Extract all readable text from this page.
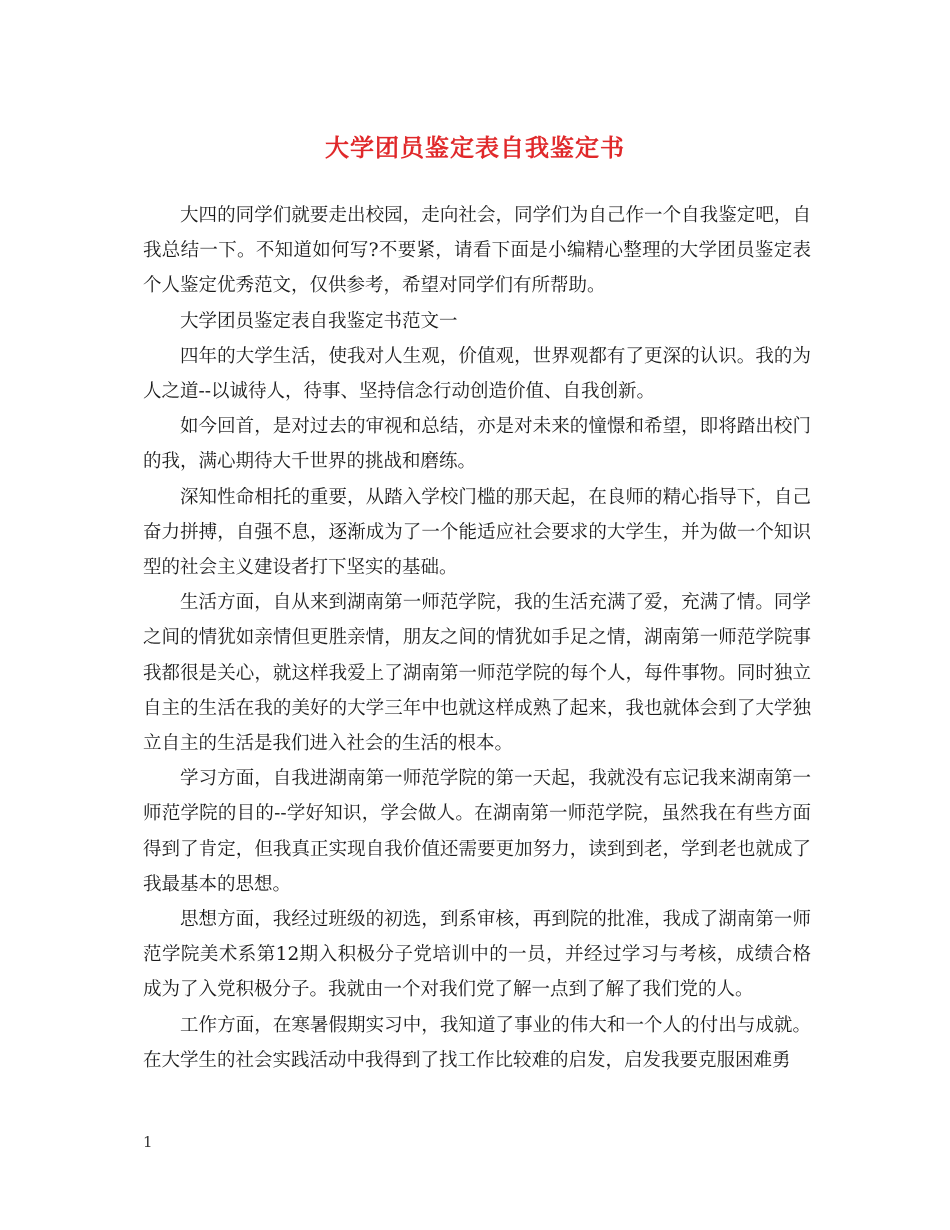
大学团员鉴定表自我鉴定书

大四的同学们就要走出校园，走向社会，同学们为自己作一个自我鉴定吧，自我总结一下。不知道如何写?不要紧，请看下面是小编精心整理的大学团员鉴定表个人鉴定优秀范文，仅供参考，希望对同学们有所帮助。

大学团员鉴定表自我鉴定书范文一

四年的大学生活，使我对人生观，价值观，世界观都有了更深的认识。我的为人之道--以诚待人，待事、坚持信念行动创造价值、自我创新。

如今回首，是对过去的审视和总结，亦是对未来的憧憬和希望，即将踏出校门的我，满心期待大千世界的挑战和磨练。

深知性命相托的重要，从踏入学校门槛的那天起，在良师的精心指导下，自己奋力拼搏，自强不息，逐渐成为了一个能适应社会要求的大学生，并为做一个知识型的社会主义建设者打下坚实的基础。

生活方面，自从来到湖南第一师范学院，我的生活充满了爱，充满了情。同学之间的情犹如亲情但更胜亲情，朋友之间的情犹如手足之情，湖南第一师范学院事我都很是关心，就这样我爱上了湖南第一师范学院的每个人，每件事物。同时独立自主的生活在我的美好的大学三年中也就这样成熟了起来，我也就体会到了大学独立自主的生活是我们进入社会的生活的根本。

学习方面，自我进湖南第一师范学院的第一天起，我就没有忘记我来湖南第一师范学院的目的--学好知识，学会做人。在湖南第一师范学院，虽然我在有些方面得到了肯定，但我真正实现自我价值还需要更加努力，读到到老，学到老也就成了我最基本的思想。

思想方面，我经过班级的初选，到系审核，再到院的批准，我成了湖南第一师范学院美术系第12期入积极分子党培训中的一员，并经过学习与考核，成绩合格成为了入党积极分子。我就由一个对我们党了解一点到了解了我们党的人。

工作方面，在寒暑假期实习中，我知道了事业的伟大和一个人的付出与成就。在大学生的社会实践活动中我得到了找工作比较难的启发，启发我要克服困难勇

1
